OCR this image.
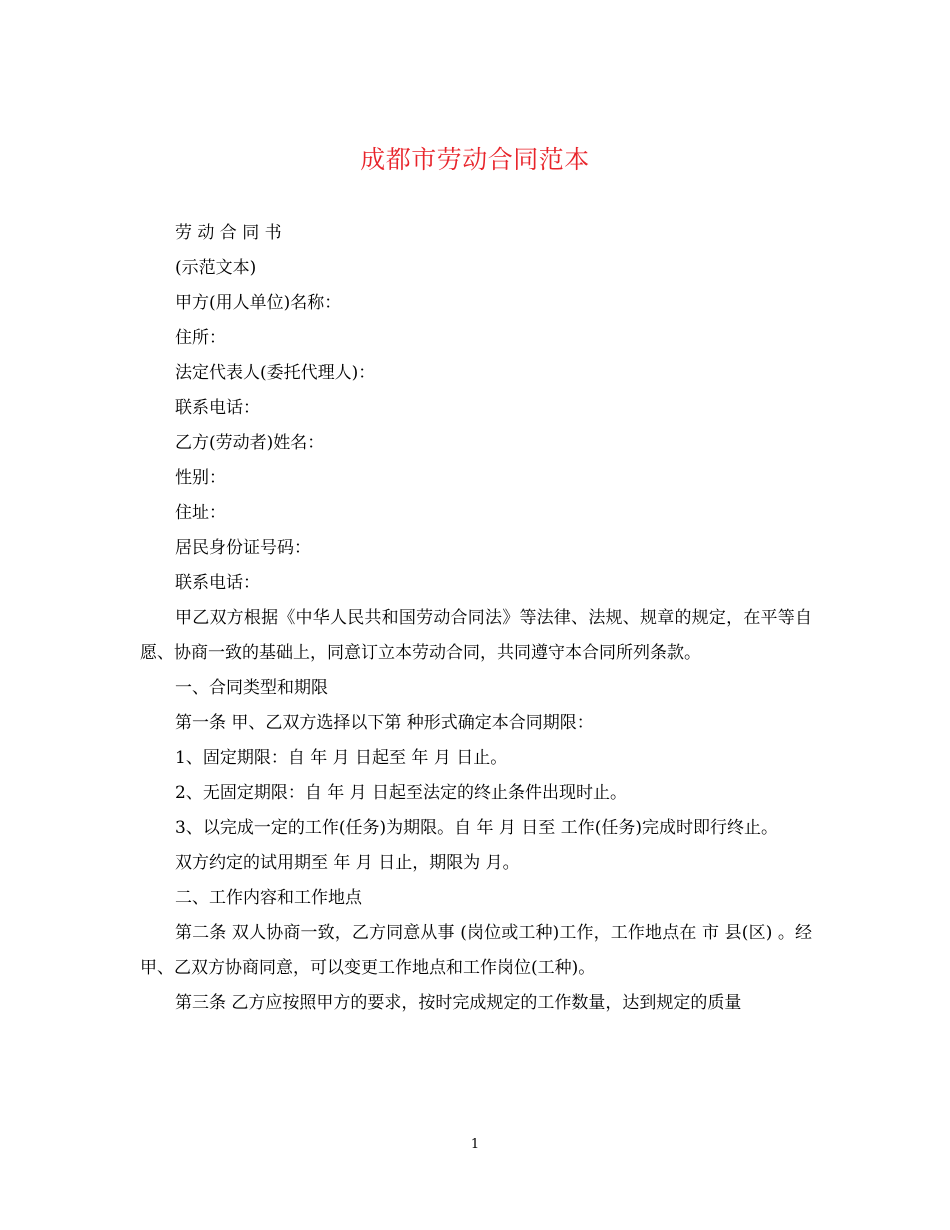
成都市劳动合同范本

劳 动 合 同 书

(示范文本)

甲方(用人单位)名称：

住所：

法定代表人(委托代理人)：

联系电话：

乙方(劳动者)姓名：

性别：

住址：

居民身份证号码：

联系电话：

甲乙双方根据《中华人民共和国劳动合同法》等法律、法规、规章的规定，在平等自愿、协商一致的基础上，同意订立本劳动合同，共同遵守本合同所列条款。

一、合同类型和期限

第一条 甲、乙双方选择以下第 种形式确定本合同期限：

1、固定期限：自 年 月 日起至 年 月 日止。

2、无固定期限：自 年 月 日起至法定的终止条件出现时止。

3、以完成一定的工作(任务)为期限。自 年 月 日至 工作(任务)完成时即行终止。

双方约定的试用期至 年 月 日止，期限为 月。

二、工作内容和工作地点

第二条 双人协商一致，乙方同意从事 (岗位或工种)工作，工作地点在 市 县(区) 。经甲、乙双方协商同意，可以变更工作地点和工作岗位(工种)。

第三条 乙方应按照甲方的要求，按时完成规定的工作数量，达到规定的质量

1
